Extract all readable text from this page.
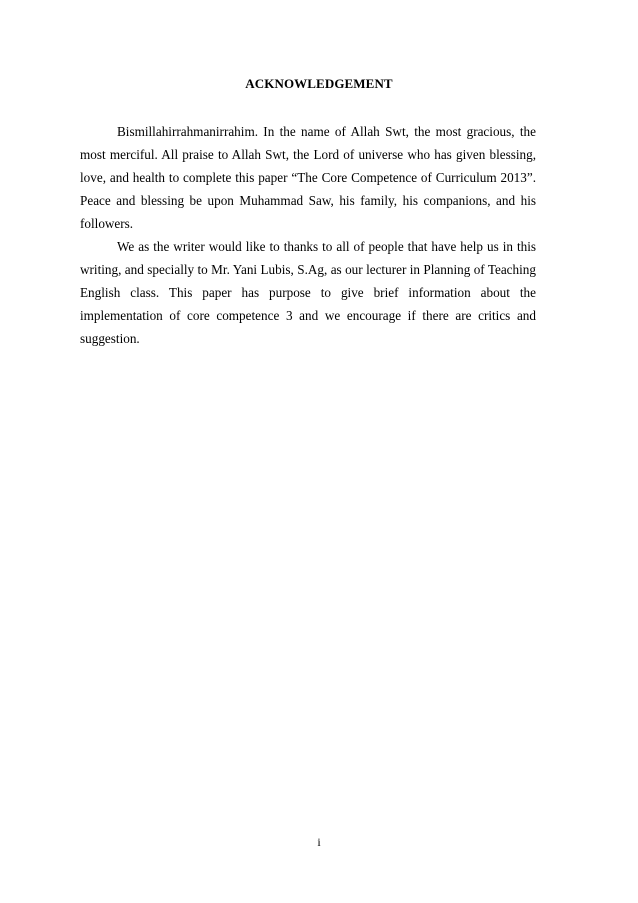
ACKNOWLEDGEMENT

Bismillahirrahmanirrahim. In the name of Allah Swt, the most gracious, the most merciful. All praise to Allah Swt, the Lord of universe who has given blessing, love, and health to complete this paper “The Core Competence of Curriculum 2013”. Peace and blessing be upon Muhammad Saw, his family, his companions, and his followers.

We as the writer would like to thanks to all of people that have help us in this writing, and specially to Mr. Yani Lubis, S.Ag, as our lecturer in Planning of Teaching English class. This paper has purpose to give brief information about the implementation of core competence 3 and we encourage if there are critics and suggestion.

i
